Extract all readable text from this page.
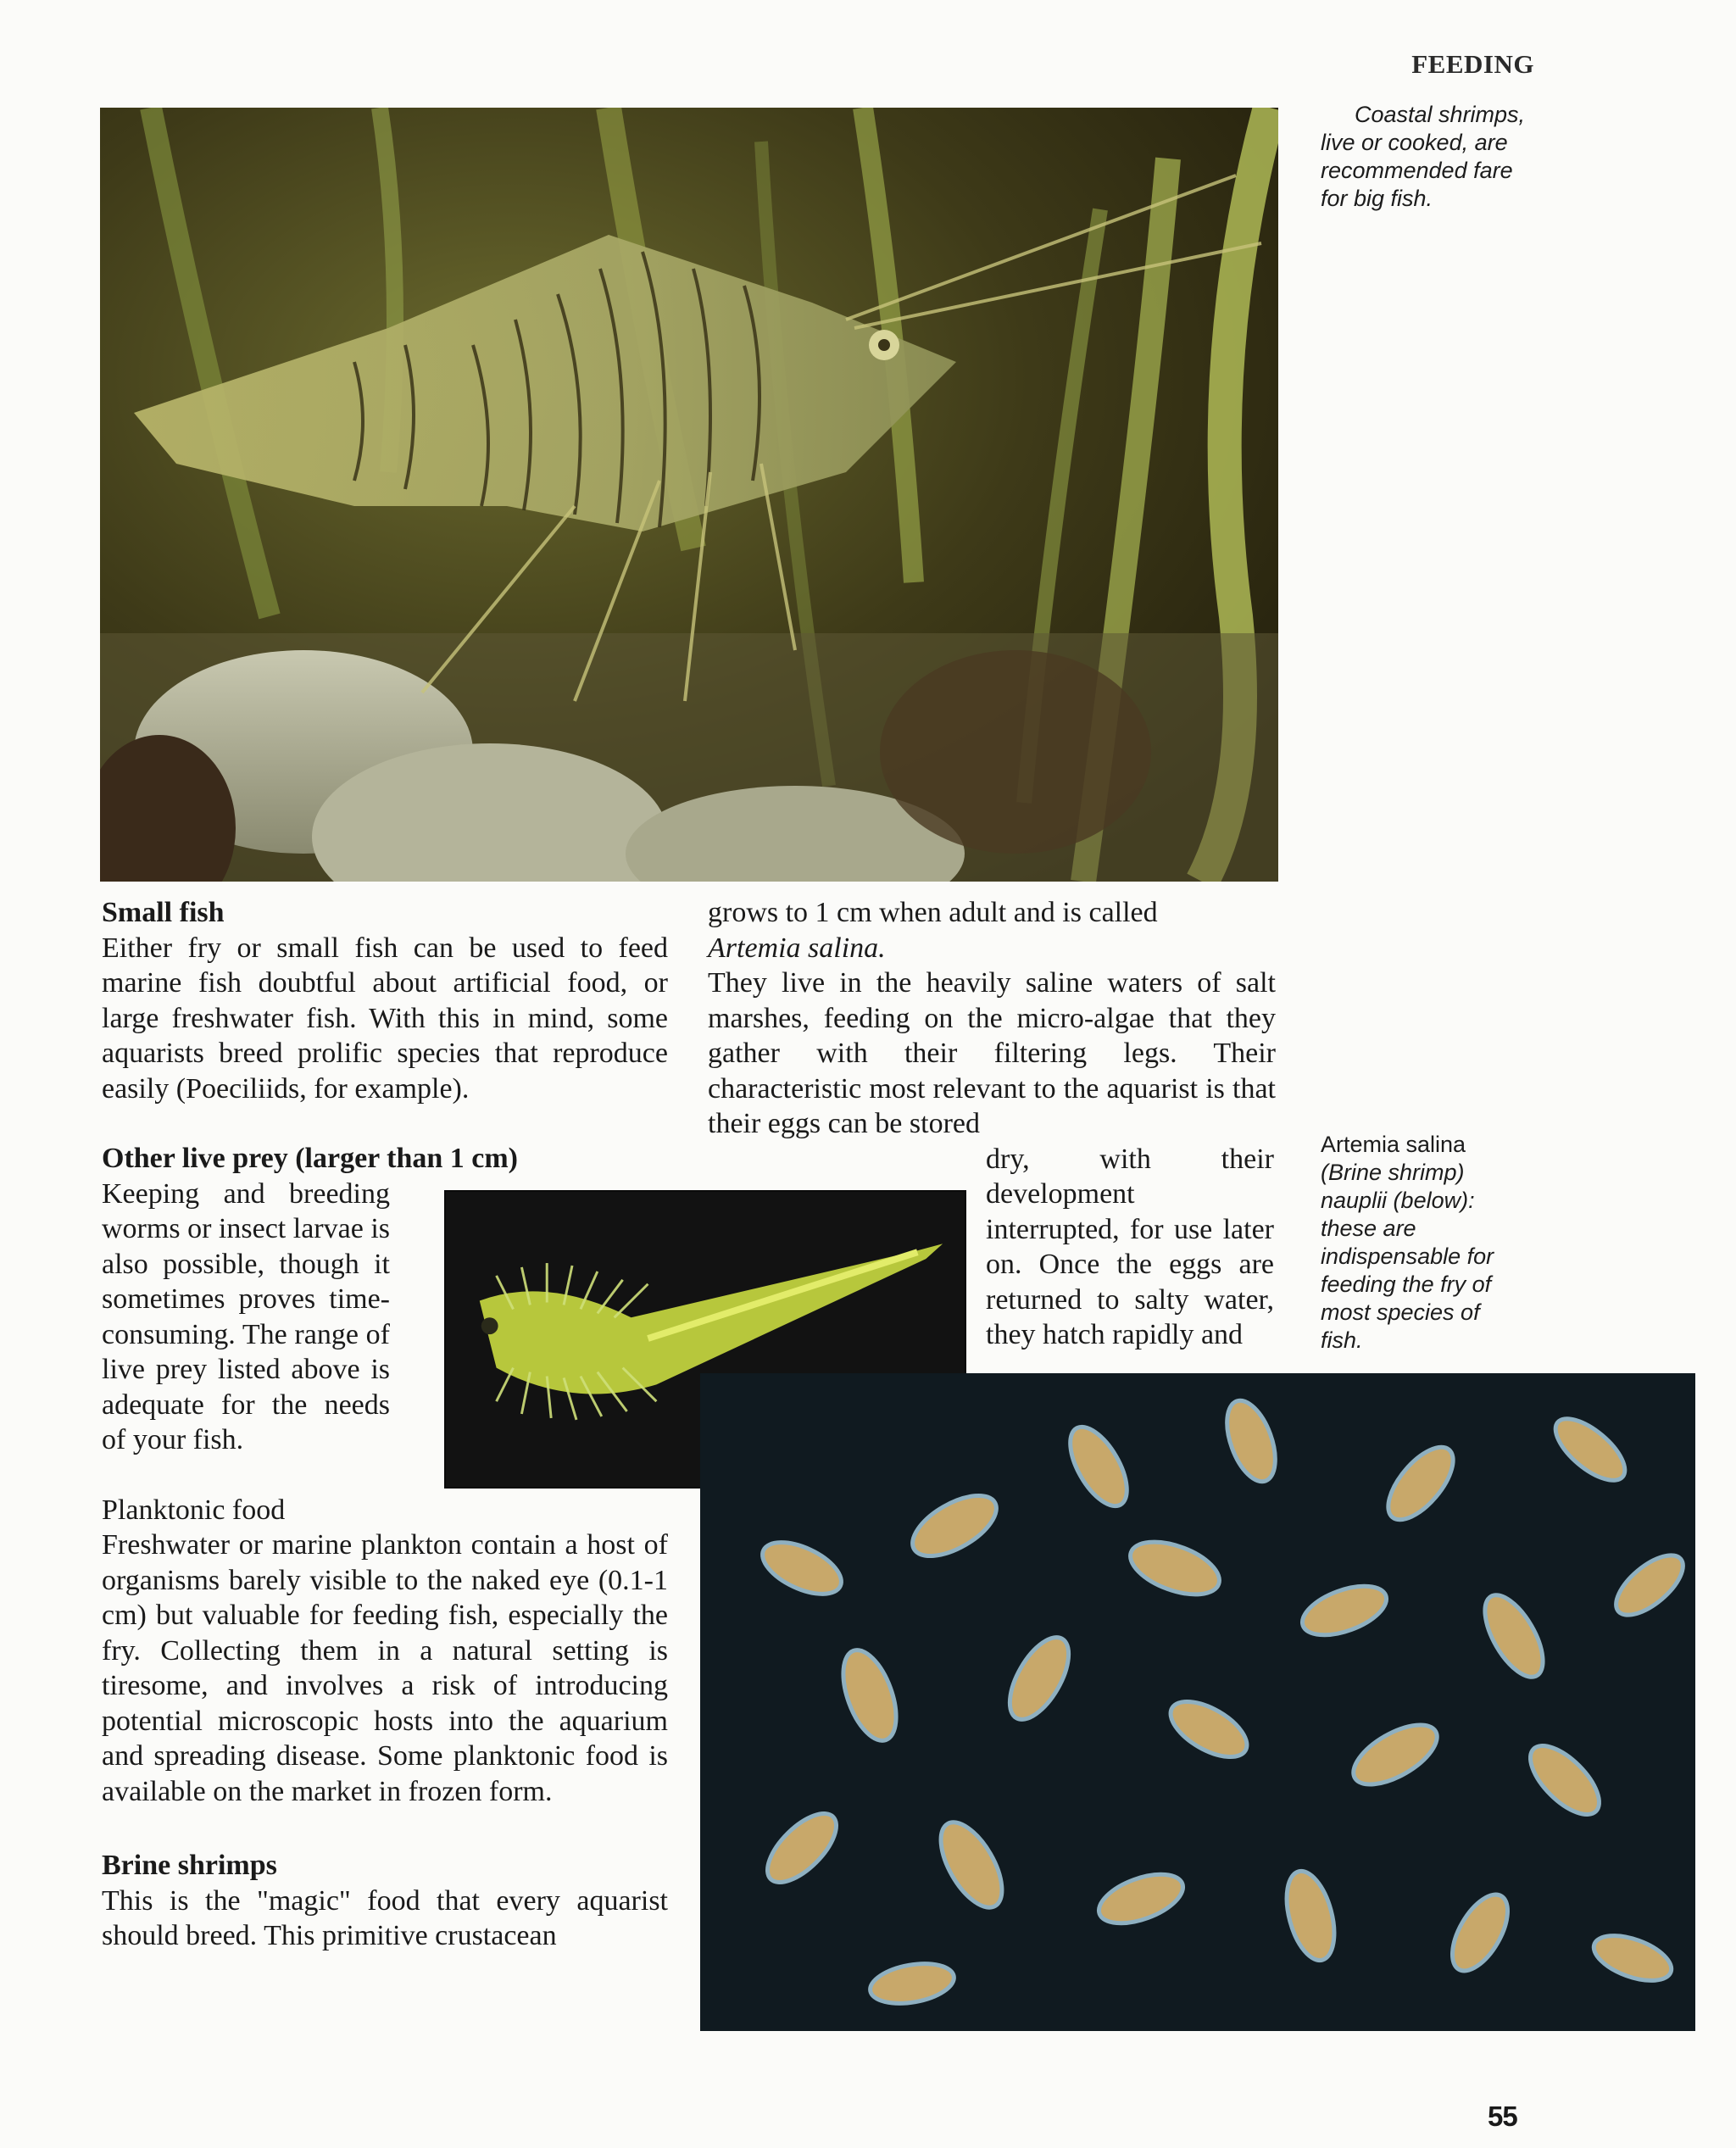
FEEDING

Coastal shrimps, live or cooked, are recommended fare for big fish.

Small fish

Either fry or small fish can be used to feed marine fish doubtful about artificial food, or large freshwater fish. With this in mind, some aquarists breed prolific species that reproduce easily (Poeciliids, for example).

Other live prey (larger than 1 cm)

Keeping and breeding worms or insect larvae is also possible, though it sometimes proves time-consuming. The range of live prey listed above is adequate for the needs of your fish.

Planktonic food

Freshwater or marine plankton contain a host of organisms barely visible to the naked eye (0.1-1 cm) but valuable for feeding fish, especially the fry. Collecting them in a natural setting is tiresome, and involves a risk of introducing potential microscopic hosts into the aquarium and spreading disease. Some planktonic food is available on the market in frozen form.

Brine shrimps

This is the "magic" food that every aquarist should breed. This primitive crustacean

grows to 1 cm when adult and is called

Artemia salina.

They live in the heavily saline waters of salt marshes, feeding on the micro-algae that they gather with their filtering legs. Their characteristic most relevant to the aquarist is that their eggs can be stored

dry, with their development interrupted, for use later on. Once the eggs are returned to salty water, they hatch rapidly and

Artemia salina (Brine shrimp) nauplii (below): these are indispensable for feeding the fry of most species of fish.

55
